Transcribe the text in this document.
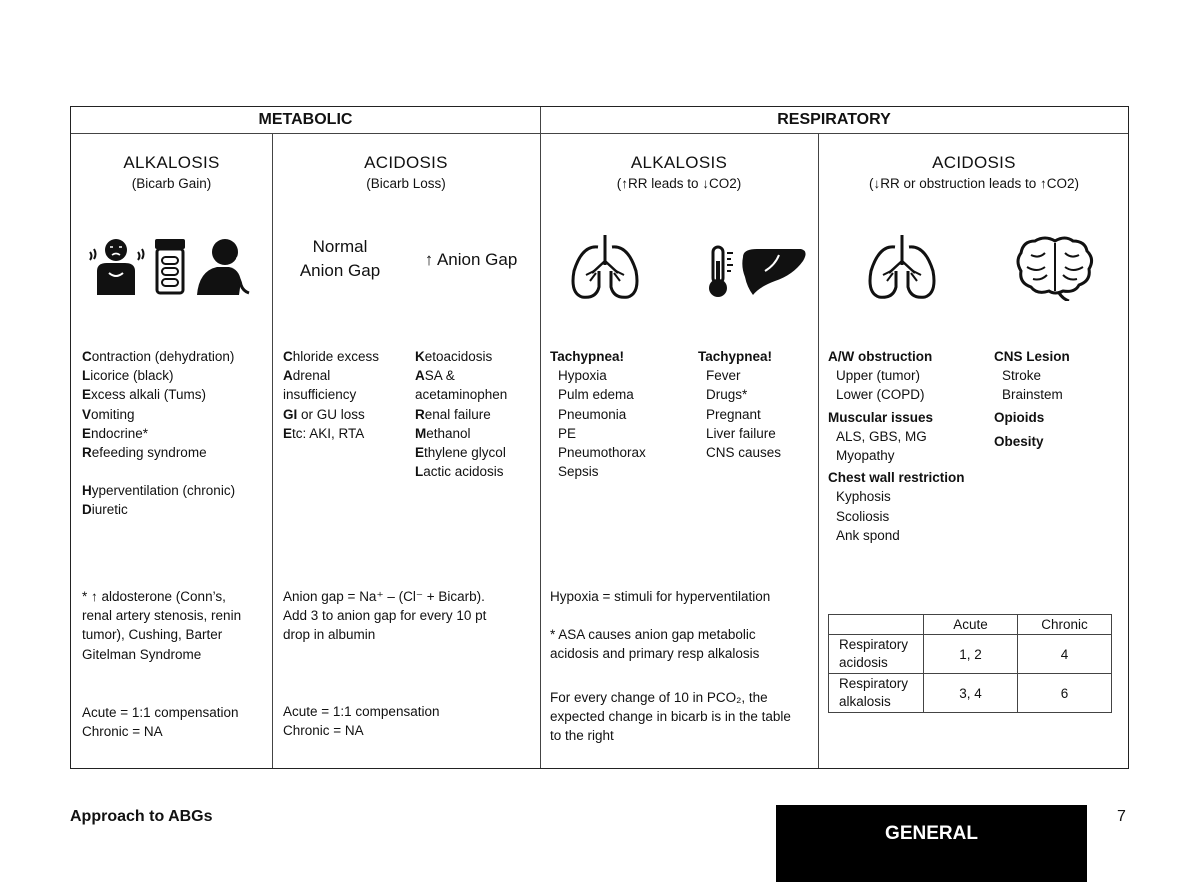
METABOLIC	RESPIRATORY
ALKALOSIS
(Bicarb Gain)
ACIDOSIS
(Bicarb Loss)
ALKALOSIS
(↑RR leads to ↓CO2)
ACIDOSIS
(↓RR or obstruction leads to ↑CO2)
Normal
Anion Gap
↑ Anion Gap
Contraction (dehydration)
Licorice (black)
Excess alkali (Tums)
Vomiting
Endocrine*
Refeeding syndrome
Hyperventilation (chronic)
Diuretic
Chloride excess
Adrenal
insufficiency
GI or GU loss
Etc: AKI, RTA
Ketoacidosis
ASA &
acetaminophen
Renal failure
Methanol
Ethylene glycol
Lactic acidosis
Tachypnea!
Hypoxia
Pulm edema
Pneumonia
PE
Pneumothorax
Sepsis
Tachypnea!
Fever
Drugs*
Pregnant
Liver failure
CNS causes
A/W obstruction
Upper (tumor)
Lower (COPD)
Muscular issues
ALS, GBS, MG
Myopathy
Chest wall restriction
Kyphosis
Scoliosis
Ank spond
CNS Lesion
Stroke
Brainstem
Opioids
Obesity
* ↑ aldosterone (Conn’s,
renal artery stenosis, renin
tumor), Cushing, Barter
Gitelman Syndrome
Acute = 1:1 compensation
Chronic = NA
Anion gap = Na⁺ – (Cl⁻ + Bicarb).
Add 3 to anion gap for every 10 pt
drop in albumin
Acute = 1:1 compensation
Chronic = NA
Hypoxia = stimuli for hyperventilation
* ASA causes anion gap metabolic
acidosis and primary resp alkalosis
For every change of 10 in PCO₂, the
expected change in bicarb is in the table
to the right
	Acute	Chronic

Respiratory
acidosis	1, 2	4

Respiratory
alkalosis	3, 4	6
Approach to ABGs
GENERAL
7
